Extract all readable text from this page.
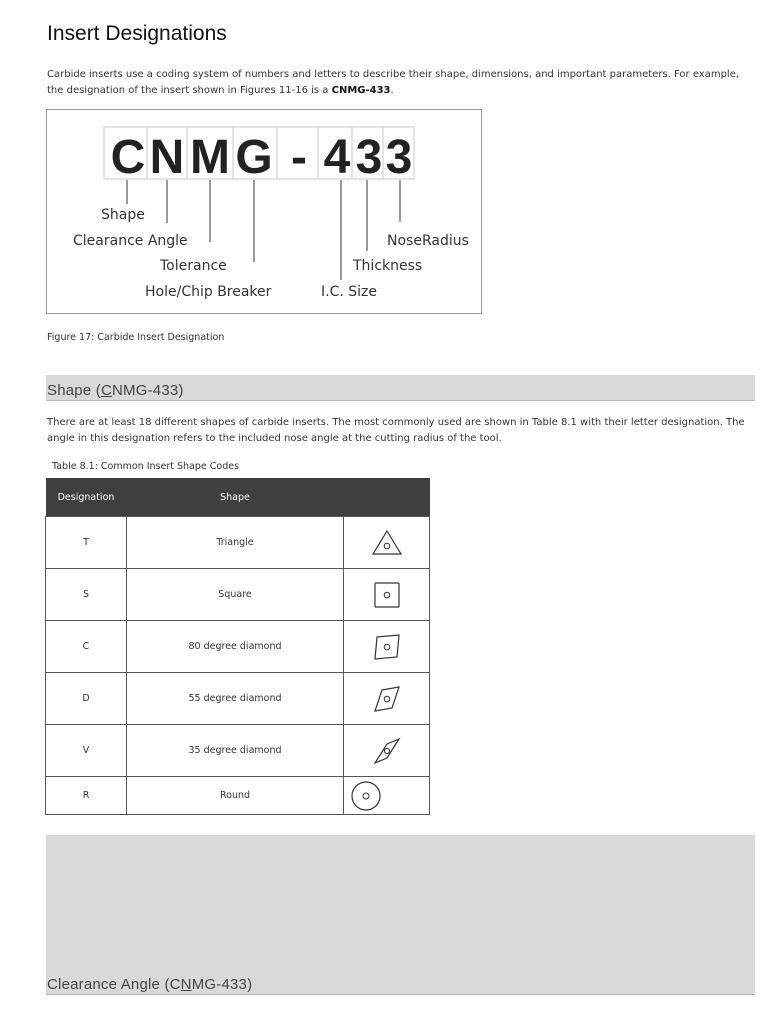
Insert Designations

Carbide inserts use a coding system of numbers and letters to describe their shape, dimensions, and important parameters. For example, the designation of the insert shown in Figures 11-16 is a CNMG-433.

C N M G - 4 3 3
Shape
Clearance Angle
Tolerance
Hole/Chip Breaker	I.C. Size
Thickness
NoseRadius

Figure 17: Carbide Insert Designation

Shape (CNMG-433)

There are at least 18 different shapes of carbide inserts. The most commonly used are shown in Table 8.1 with their letter designation. The angle in this designation refers to the included nose angle at the cutting radius of the tool.

Table 8.1: Common Insert Shape Codes

Designation	Shape	
T	Triangle	

S	Square	

C	80 degree diamond	

D	55 degree diamond	

V	35 degree diamond	

R	Round	
Clearance Angle (CNMG-433)
